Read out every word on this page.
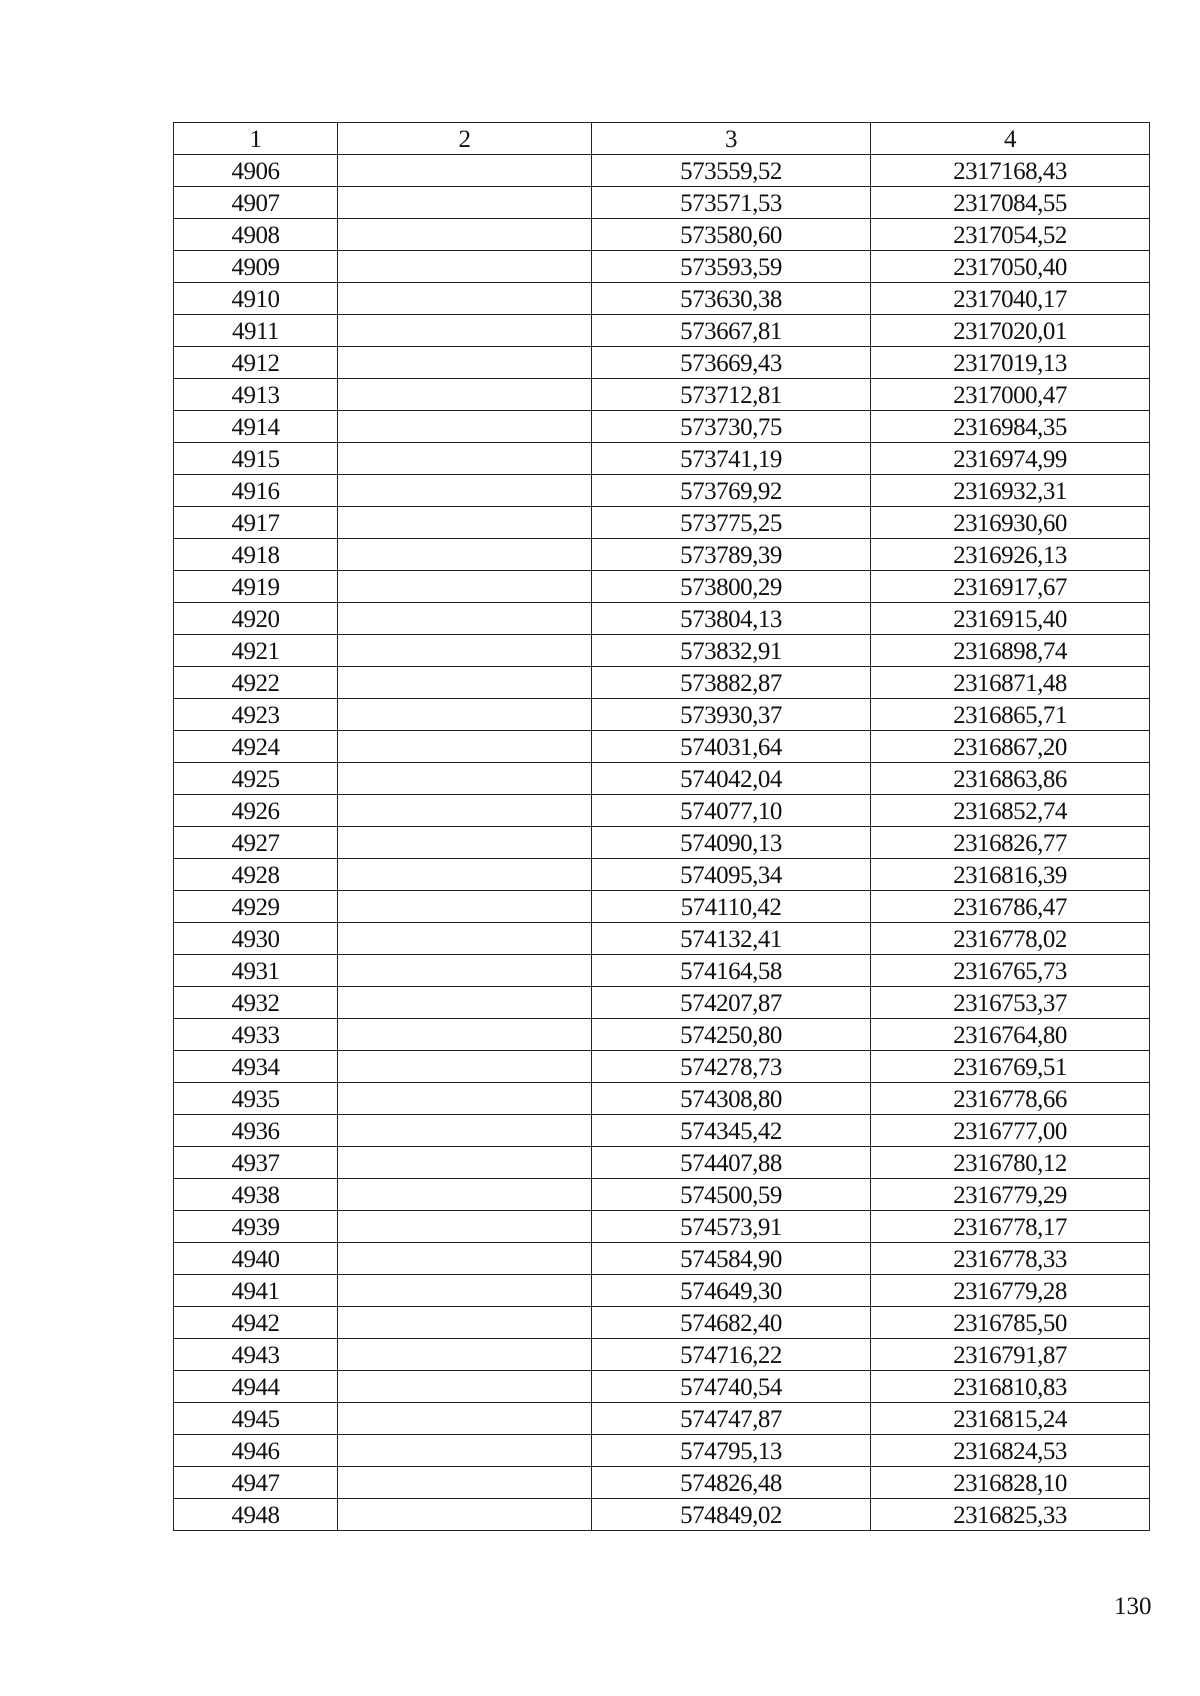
1	2	3	4
4906		573559,52	2317168,43
4907		573571,53	2317084,55
4908		573580,60	2317054,52
4909		573593,59	2317050,40
4910		573630,38	2317040,17
4911		573667,81	2317020,01
4912		573669,43	2317019,13
4913		573712,81	2317000,47
4914		573730,75	2316984,35
4915		573741,19	2316974,99
4916		573769,92	2316932,31
4917		573775,25	2316930,60
4918		573789,39	2316926,13
4919		573800,29	2316917,67
4920		573804,13	2316915,40
4921		573832,91	2316898,74
4922		573882,87	2316871,48
4923		573930,37	2316865,71
4924		574031,64	2316867,20
4925		574042,04	2316863,86
4926		574077,10	2316852,74
4927		574090,13	2316826,77
4928		574095,34	2316816,39
4929		574110,42	2316786,47
4930		574132,41	2316778,02
4931		574164,58	2316765,73
4932		574207,87	2316753,37
4933		574250,80	2316764,80
4934		574278,73	2316769,51
4935		574308,80	2316778,66
4936		574345,42	2316777,00
4937		574407,88	2316780,12
4938		574500,59	2316779,29
4939		574573,91	2316778,17
4940		574584,90	2316778,33
4941		574649,30	2316779,28
4942		574682,40	2316785,50
4943		574716,22	2316791,87
4944		574740,54	2316810,83
4945		574747,87	2316815,24
4946		574795,13	2316824,53
4947		574826,48	2316828,10
4948		574849,02	2316825,33
130
